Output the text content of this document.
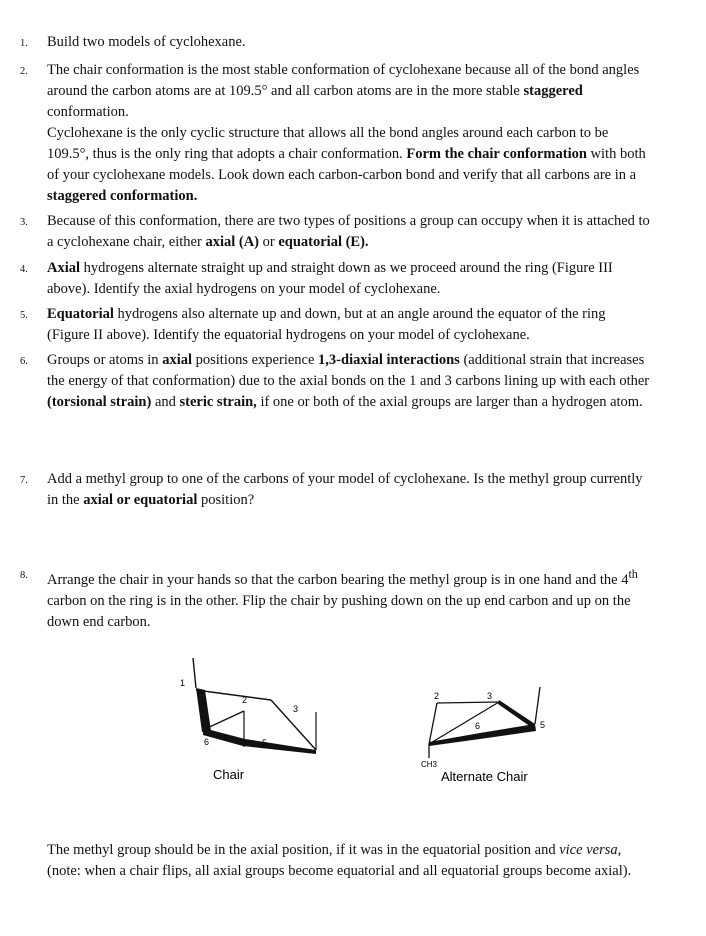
1.	Build two models of cyclohexane.
2.	The chair conformation is the most stable conformation of cyclohexane because all of the bond angles around the carbon atoms are at 109.5° and all carbon atoms are in the more stable staggered conformation.
Cyclohexane is the only cyclic structure that allows all the bond angles around each carbon to be 109.5°, thus is the only ring that adopts a chair conformation. Form the chair conformation with both of your cyclohexane models. Look down each carbon-carbon bond and verify that all carbons are in a staggered conformation.
3.	Because of this conformation, there are two types of positions a group can occupy when it is attached to a cyclohexane chair, either axial (A) or equatorial (E).
4.	Axial hydrogens alternate straight up and straight down as we proceed around the ring (Figure III above). Identify the axial hydrogens on your model of cyclohexane.
5.	Equatorial hydrogens also alternate up and down, but at an angle around the equator of the ring (Figure II above). Identify the equatorial hydrogens on your model of cyclohexane.
6.	Groups or atoms in axial positions experience 1,3-diaxial interactions (additional strain that increases the energy of that conformation) due to the axial bonds on the 1 and 3 carbons lining up with each other (torsional strain) and steric strain, if one or both of the axial groups are larger than a hydrogen atom.
7.	Add a methyl group to one of the carbons of your model of cyclohexane. Is the methyl group currently in the axial or equatorial position?
8.	Arrange the chair in your hands so that the carbon bearing the methyl group is in one hand and the 4th carbon on the ring is in the other. Flip the chair by pushing down on the up end carbon and up on the down end carbon.
1
2
3
5
6
Chair
2	3
6	5
CH3
Alternate Chair
The methyl group should be in the axial position, if it was in the equatorial position and vice versa, (note: when a chair flips, all axial groups become equatorial and all equatorial groups become axial).
